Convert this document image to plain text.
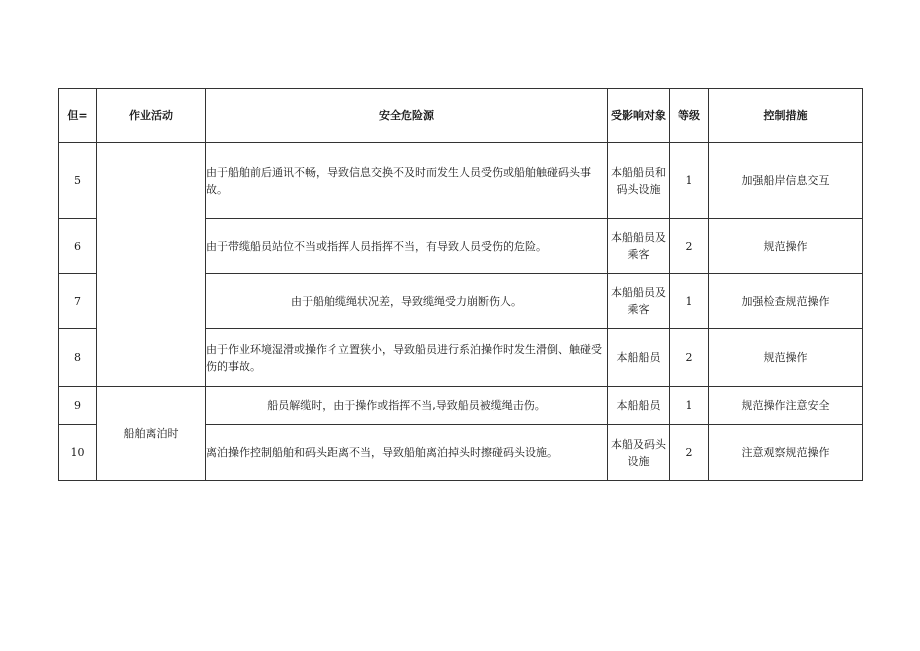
但=	作业活动	安全危险源	受影响对象	等级	控制措施
5		由于船舶前后通讯不畅，导致信息交换不及时而发生人员受伤或船舶触碰码头事故。	本船船员和码头设施	1	加强船岸信息交互
6		由于带缆船员站位不当或指挥人员指挥不当，有导致人员受伤的危险。	本船船员及乘客	2	规范操作
7		由于船舶缆绳状况差，导致缆绳受力崩断伤人。	本船船员及乘客	1	加强检查规范操作
8		由于作业环境湿滑或操作彳立置狭小，导致船员进行系泊操作时发生滑倒、触碰受伤的事故。	本船船员	2	规范操作
9	船舶离泊时	船员解缆时，由于操作或指挥不当,导致船员被缆绳击伤。	本船船员	1	规范操作注意安全
10		离泊操作控制船舶和码头距离不当，导致船舶离泊掉头时擦碰码头设施。	本船及码头设施	2	注意观察规范操作
